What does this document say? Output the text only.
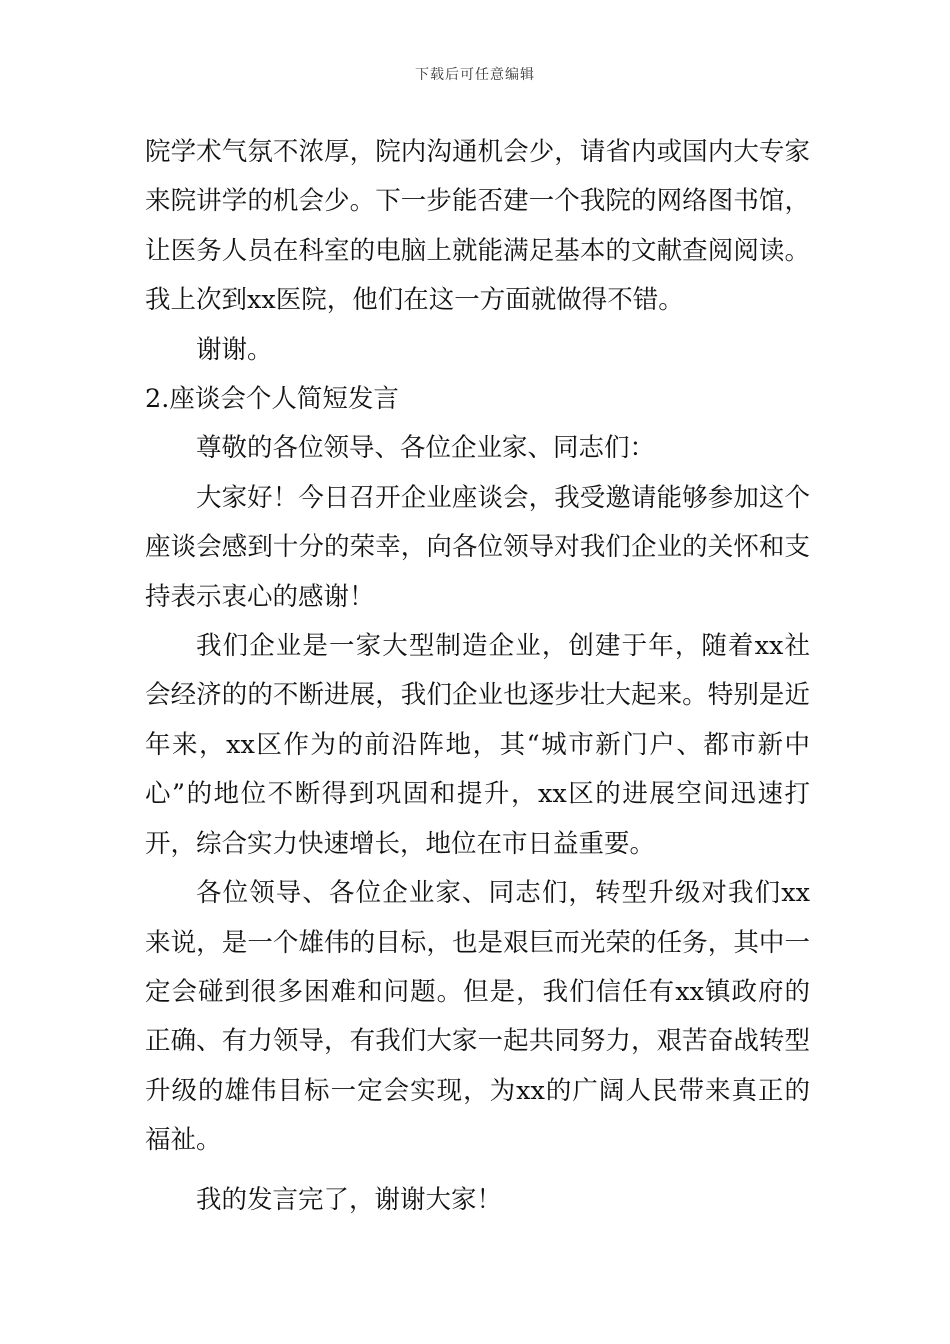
下载后可任意编辑

院学术气氛不浓厚，院内沟通机会少，请省内或国内大专家来院讲学的机会少。下一步能否建一个我院的网络图书馆，让医务人员在科室的电脑上就能满足基本的文献查阅阅读。我上次到xx医院，他们在这一方面就做得不错。

谢谢。

2.座谈会个人简短发言

尊敬的各位领导、各位企业家、同志们：

大家好！今日召开企业座谈会，我受邀请能够参加这个座谈会感到十分的荣幸，向各位领导对我们企业的关怀和支持表示衷心的感谢！

我们企业是一家大型制造企业，创建于年，随着xx社会经济的的不断进展，我们企业也逐步壮大起来。特别是近年来，xx区作为的前沿阵地，其“城市新门户、都市新中心”的地位不断得到巩固和提升，xx区的进展空间迅速打开，综合实力快速增长，地位在市日益重要。

各位领导、各位企业家、同志们，转型升级对我们xx来说，是一个雄伟的目标，也是艰巨而光荣的任务，其中一定会碰到很多困难和问题。但是，我们信任有xx镇政府的正确、有力领导，有我们大家一起共同努力，艰苦奋战转型升级的雄伟目标一定会实现，为xx的广阔人民带来真正的福祉。

我的发言完了，谢谢大家！
